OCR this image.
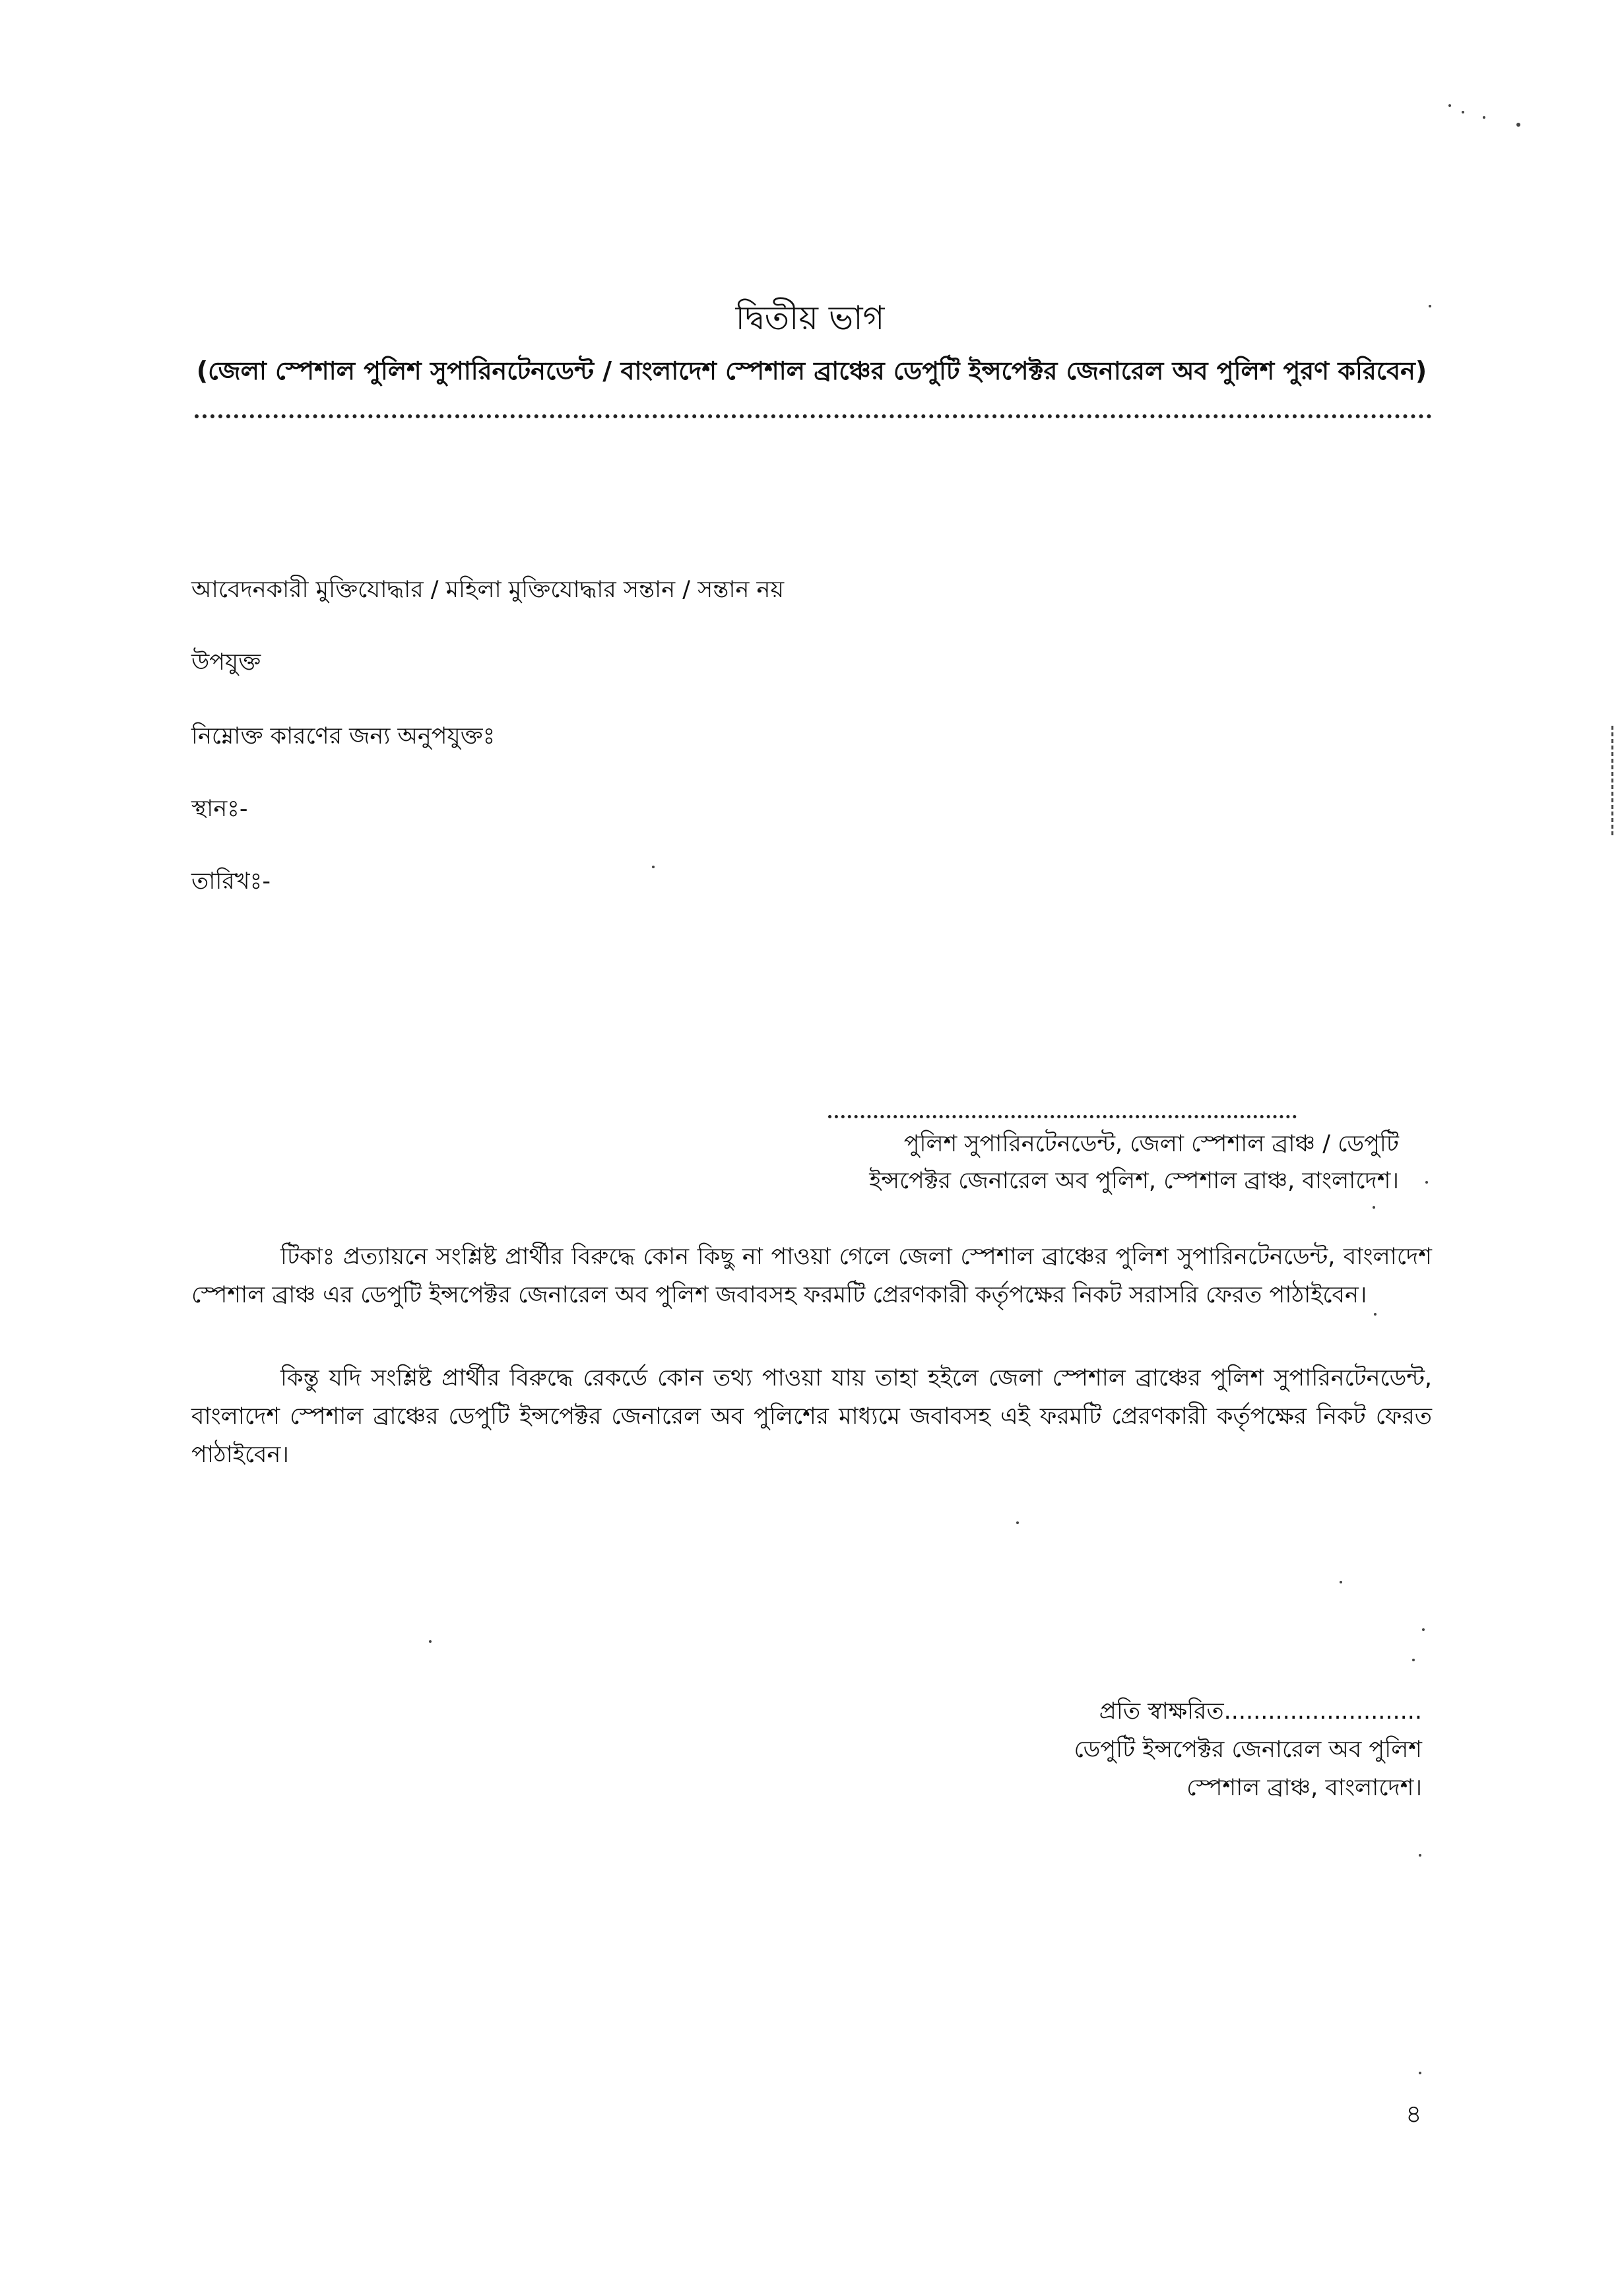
দ্বিতীয় ভাগ
(জেলা স্পেশাল পুলিশ সুপারিনটেনডেন্ট / বাংলাদেশ স্পেশাল ব্রাঞ্চের ডেপুটি ইন্সপেক্টর জেনারেল অব পুলিশ পুরণ করিবেন)
আবেদনকারী মুক্তিযোদ্ধার / মহিলা মুক্তিযোদ্ধার সন্তান / সন্তান নয়
উপযুক্ত
নিম্নোক্ত কারণের জন্য অনুপযুক্তঃ
স্থানঃ-
তারিখঃ-
পুলিশ সুপারিনটেনডেন্ট, জেলা স্পেশাল ব্রাঞ্চ / ডেপুটি
ইন্সপেক্টর জেনারেল অব পুলিশ, স্পেশাল ব্রাঞ্চ, বাংলাদেশ।

টিকাঃ প্রত্যায়নে সংশ্লিষ্ট প্রার্থীর বিরুদ্ধে কোন কিছু না পাওয়া গেলে জেলা স্পেশাল ব্রাঞ্চের পুলিশ সুপারিনটেনডেন্ট, বাংলাদেশ স্পেশাল ব্রাঞ্চ এর ডেপুটি ইন্সপেক্টর জেনারেল অব পুলিশ জবাবসহ ফরমটি প্রেরণকারী কর্তৃপক্ষের নিকট সরাসরি ফেরত পাঠাইবেন।

কিন্তু যদি সংশ্লিষ্ট প্রার্থীর বিরুদ্ধে রেকর্ডে কোন তথ্য পাওয়া যায় তাহা হইলে জেলা স্পেশাল ব্রাঞ্চের পুলিশ সুপারিনটেনডেন্ট, বাংলাদেশ স্পেশাল ব্রাঞ্চের ডেপুটি ইন্সপেক্টর জেনারেল অব পুলিশের মাধ্যমে জবাবসহ এই ফরমটি প্রেরণকারী কর্তৃপক্ষের নিকট ফেরত পাঠাইবেন।

প্রতি স্বাক্ষরিত...........................
ডেপুটি ইন্সপেক্টর জেনারেল অব পুলিশ
স্পেশাল ব্রাঞ্চ, বাংলাদেশ।
৪
